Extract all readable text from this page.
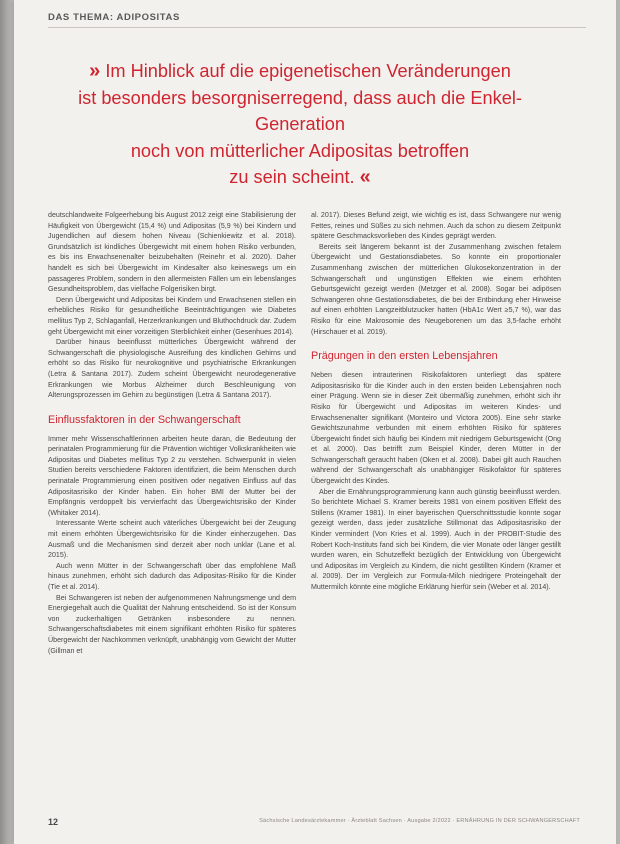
DAS THEMA: ADIPOSITAS
» Im Hinblick auf die epigenetischen Veränderungen
ist besonders besorgniserregend, dass auch die Enkel-Generation
noch von mütterlicher Adipositas betroffen
zu sein scheint. «

deutschlandweite Folgeerhebung bis August 2012 zeigt eine Stabilisierung der Häufigkeit von Übergewicht (15,4 %) und Adipositas (5,9 %) bei Kindern und Jugendlichen auf diesem hohen Niveau (Schienkiewitz et al. 2018). Grundsätzlich ist kindliches Übergewicht mit einem hohen Risiko verbunden, es bis ins Erwachsenenalter beizubehalten (Reinehr et al. 2020). Daher handelt es sich bei Übergewicht im Kindesalter also keineswegs um ein passageres Problem, sondern in den allermeisten Fällen um ein lebenslanges Gesundheitsproblem, das vielfache Folgerisiken birgt.

Denn Übergewicht und Adipositas bei Kindern und Erwachsenen stellen ein erhebliches Risiko für gesundheitliche Beeinträchtigungen wie Diabetes mellitus Typ 2, Schlaganfall, Herzerkrankungen und Bluthochdruck dar. Zudem geht Übergewicht mit einer vorzeitigen Sterblichkeit einher (Gesenhues 2014).

Darüber hinaus beeinflusst mütterliches Übergewicht während der Schwangerschaft die physiologische Ausreifung des kindlichen Gehirns und erhöht so das Risiko für neurokognitive und psychiatrische Erkrankungen (Letra & Santana 2017). Zudem scheint Übergewicht neurodegenerative Erkrankungen wie Morbus Alzheimer durch Beschleunigung von Alterungsprozessen im Gehirn zu begünstigen (Letra & Santana 2017).

Einflussfaktoren in der Schwangerschaft

Immer mehr Wissenschaftlerinnen arbeiten heute daran, die Bedeutung der perinatalen Programmierung für die Prävention wichtiger Volkskrankheiten wie Adipositas und Diabetes mellitus Typ 2 zu verstehen. Schwerpunkt in vielen Studien bereits verschiedene Faktoren identifiziert, die beim Menschen durch perinatale Programmierung einen positiven oder negativen Einfluss auf das Adipositasrisiko der Kinder haben. Ein hoher BMI der Mutter bei der Empfängnis verdoppelt bis vervierfacht das Übergewichtsrisiko der Kinder (Whitaker 2014).

Interessante Werte scheint auch väterliches Übergewicht bei der Zeugung mit einem erhöhten Übergewichtsrisiko für die Kinder einherzugehen. Das Ausmaß und die Mechanismen sind derzeit aber noch unklar (Lane et al. 2015).

Auch wenn Mütter in der Schwangerschaft über das empfohlene Maß hinaus zunehmen, erhöht sich dadurch das Adipositas-Risiko für die Kinder (Tie et al. 2014).

Bei Schwangeren ist neben der aufgenommenen Nahrungsmenge und dem Energiegehalt auch die Qualität der Nahrung entscheidend. So ist der Konsum von zuckerhaltigen Getränken insbesondere zu nennen. Schwangerschaftsdiabetes mit einem signifikant erhöhten Risiko für späteres Übergewicht der Nachkommen verknüpft, unabhängig vom Gewicht der Mutter (Gillman et

al. 2017). Dieses Befund zeigt, wie wichtig es ist, dass Schwangere nur wenig Fettes, reines und Süßes zu sich nehmen. Auch da schon zu diesem Zeitpunkt spätere Geschmacksvorlieben des Kindes geprägt werden.

Bereits seit längerem bekannt ist der Zusammenhang zwischen fetalem Übergewicht und Gestationsdiabetes. So konnte ein proportionaler Zusammenhang zwischen der mütterlichen Glukosekonzentration in der Schwangerschaft und ungünstigen Effekten wie einem erhöhten Geburtsgewicht gezeigt werden (Metzger et al. 2008). Sogar bei adipösen Schwangeren ohne Gestationsdiabetes, die bei der Entbindung eher Hinweise auf einen erhöhten Langzeitblutzucker hatten (HbA1c Wert ≥5,7 %), war das Risiko für eine Makrosomie des Neugeborenen um das 3,5-fache erhöht (Hirschauer et al. 2019).

Prägungen in den ersten Lebensjahren

Neben diesen intrauterinen Risikofaktoren unterliegt das spätere Adipositasrisiko für die Kinder auch in den ersten beiden Lebensjahren noch einer Prägung. Wenn sie in dieser Zeit übermäßig zunehmen, erhöht sich ihr Risiko für Übergewicht und Adipositas im weiteren Kindes- und Erwachsenenalter signifikant (Monteiro und Victora 2005). Eine sehr starke Gewichtszunahme verbunden mit einem erhöhten Risiko für späteres Übergewicht findet sich häufig bei Kindern mit niedrigem Geburtsgewicht (Ong et al. 2000). Das betrifft zum Beispiel Kinder, deren Mütter in der Schwangerschaft geraucht haben (Oken et al. 2008). Dabei gilt auch Rauchen während der Schwangerschaft als unabhängiger Risikofaktor für späteres Übergewicht des Kindes.

Aber die Ernährungsprogrammierung kann auch günstig beeinflusst werden. So berichtete Michael S. Kramer bereits 1981 von einem positiven Effekt des Stillens (Kramer 1981). In einer bayerischen Querschnittsstudie konnte sogar gezeigt werden, dass jeder zusätzliche Stillmonat das Adipositasrisiko der Kinder vermindert (Von Kries et al. 1999). Auch in der PROBIT-Studie des Robert Koch-Instituts fand sich bei Kindern, die vier Monate oder länger gestillt wurden waren, ein Schutzeffekt bezüglich der Entwicklung von Übergewicht und Adipositas im Vergleich zu Kindern, die nicht gestillten Kindern (Kramer et al. 2009). Der im Vergleich zur Formula-Milch niedrigere Proteingehalt der Muttermilch könnte eine mögliche Erklärung hierfür sein (Weber et al. 2014).

12	Sächsische Landesärztekammer · Ärzteblatt Sachsen · Ausgabe 2/2022 · ERNÄHRUNG IN DER SCHWANGERSCHAFT
